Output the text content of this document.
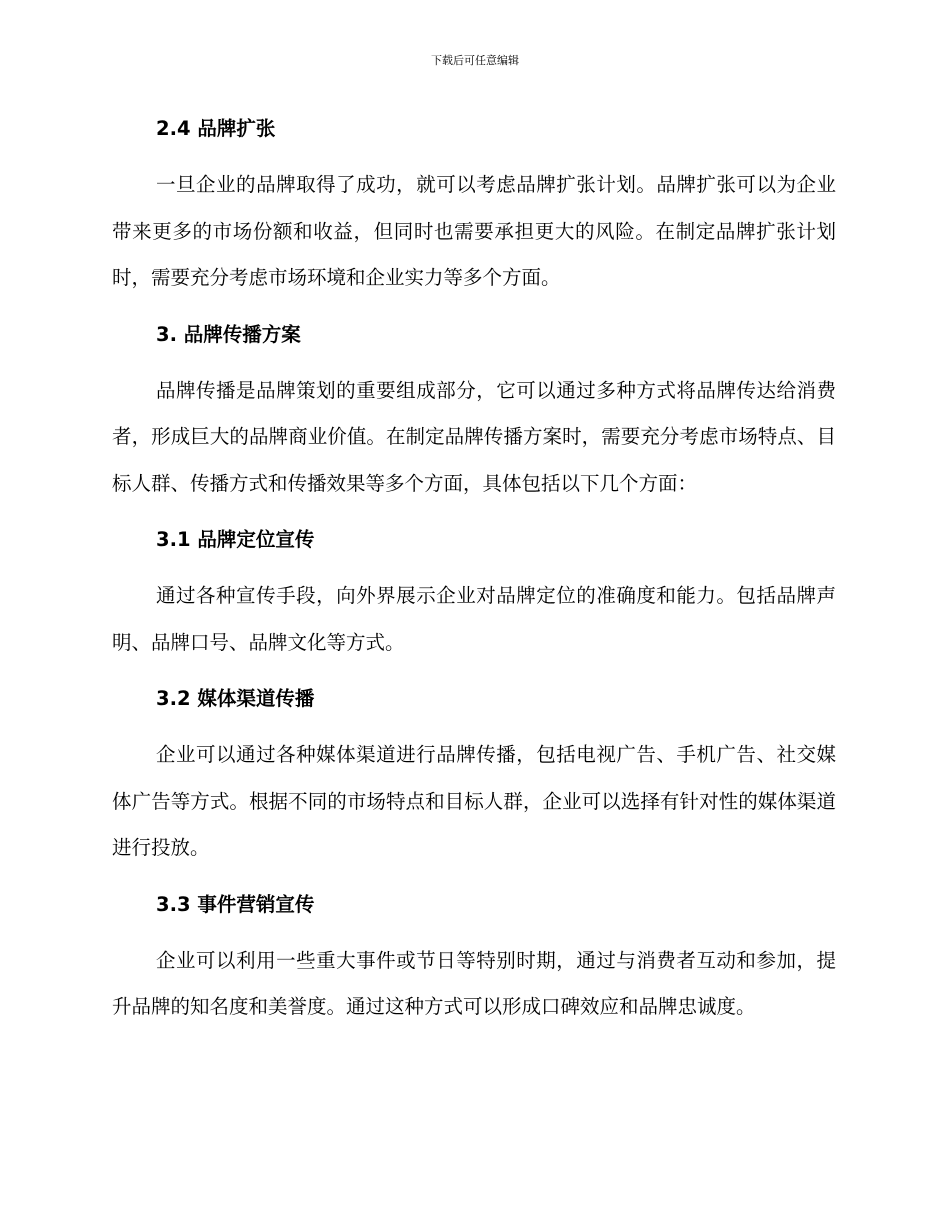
下载后可任意编辑
2.4 品牌扩张

一旦企业的品牌取得了成功，就可以考虑品牌扩张计划。品牌扩张可以为企业带来更多的市场份额和收益，但同时也需要承担更大的风险。在制定品牌扩张计划时，需要充分考虑市场环境和企业实力等多个方面。

3. 品牌传播方案

品牌传播是品牌策划的重要组成部分，它可以通过多种方式将品牌传达给消费者，形成巨大的品牌商业价值。在制定品牌传播方案时，需要充分考虑市场特点、目标人群、传播方式和传播效果等多个方面，具体包括以下几个方面：

3.1 品牌定位宣传

通过各种宣传手段，向外界展示企业对品牌定位的准确度和能力。包括品牌声明、品牌口号、品牌文化等方式。

3.2 媒体渠道传播

企业可以通过各种媒体渠道进行品牌传播，包括电视广告、手机广告、社交媒体广告等方式。根据不同的市场特点和目标人群，企业可以选择有针对性的媒体渠道进行投放。

3.3 事件营销宣传

企业可以利用一些重大事件或节日等特别时期，通过与消费者互动和参加，提升品牌的知名度和美誉度。通过这种方式可以形成口碑效应和品牌忠诚度。
